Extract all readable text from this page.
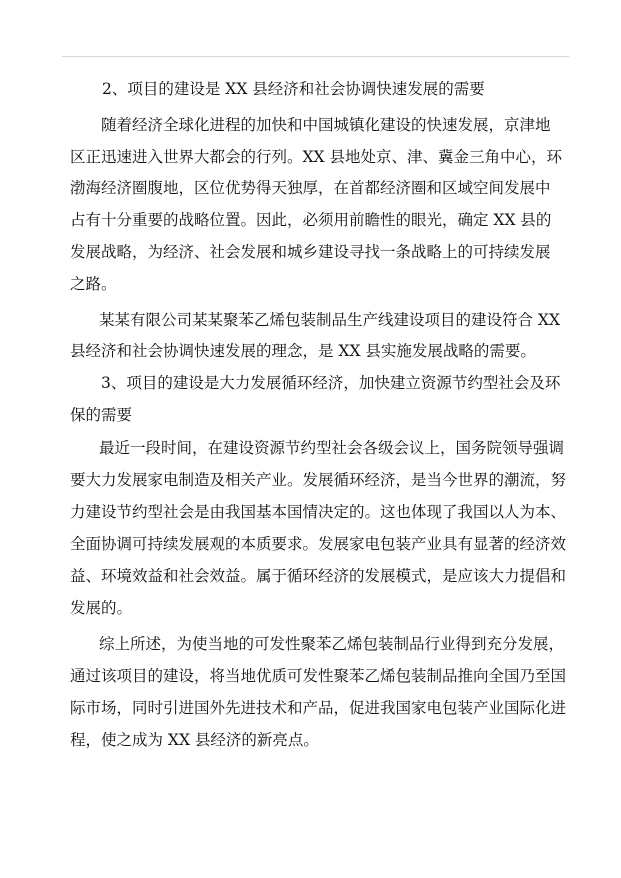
2、项目的建设是 XX 县经济和社会协调快速发展的需要
随着经济全球化进程的加快和中国城镇化建设的快速发展，京津地
区正迅速进入世界大都会的行列。XX 县地处京、津、冀金三角中心，环
渤海经济圈腹地，区位优势得天独厚，在首都经济圈和区域空间发展中
占有十分重要的战略位置。因此，必须用前瞻性的眼光，确定 XX 县的
发展战略，为经济、社会发展和城乡建设寻找一条战略上的可持续发展
之路。
某某有限公司某某聚苯乙烯包装制品生产线建设项目的建设符合 XX
县经济和社会协调快速发展的理念，是 XX 县实施发展战略的需要。
3、项目的建设是大力发展循环经济，加快建立资源节约型社会及环
保的需要
最近一段时间，在建设资源节约型社会各级会议上，国务院领导强调
要大力发展家电制造及相关产业。发展循环经济，是当今世界的潮流，努
力建设节约型社会是由我国基本国情决定的。这也体现了我国以人为本、
全面协调可持续发展观的本质要求。发展家电包装产业具有显著的经济效
益、环境效益和社会效益。属于循环经济的发展模式，是应该大力提倡和
发展的。
综上所述，为使当地的可发性聚苯乙烯包装制品行业得到充分发展，
通过该项目的建设，将当地优质可发性聚苯乙烯包装制品推向全国乃至国
际市场，同时引进国外先进技术和产品，促进我国家电包装产业国际化进
程，使之成为 XX 县经济的新亮点。
